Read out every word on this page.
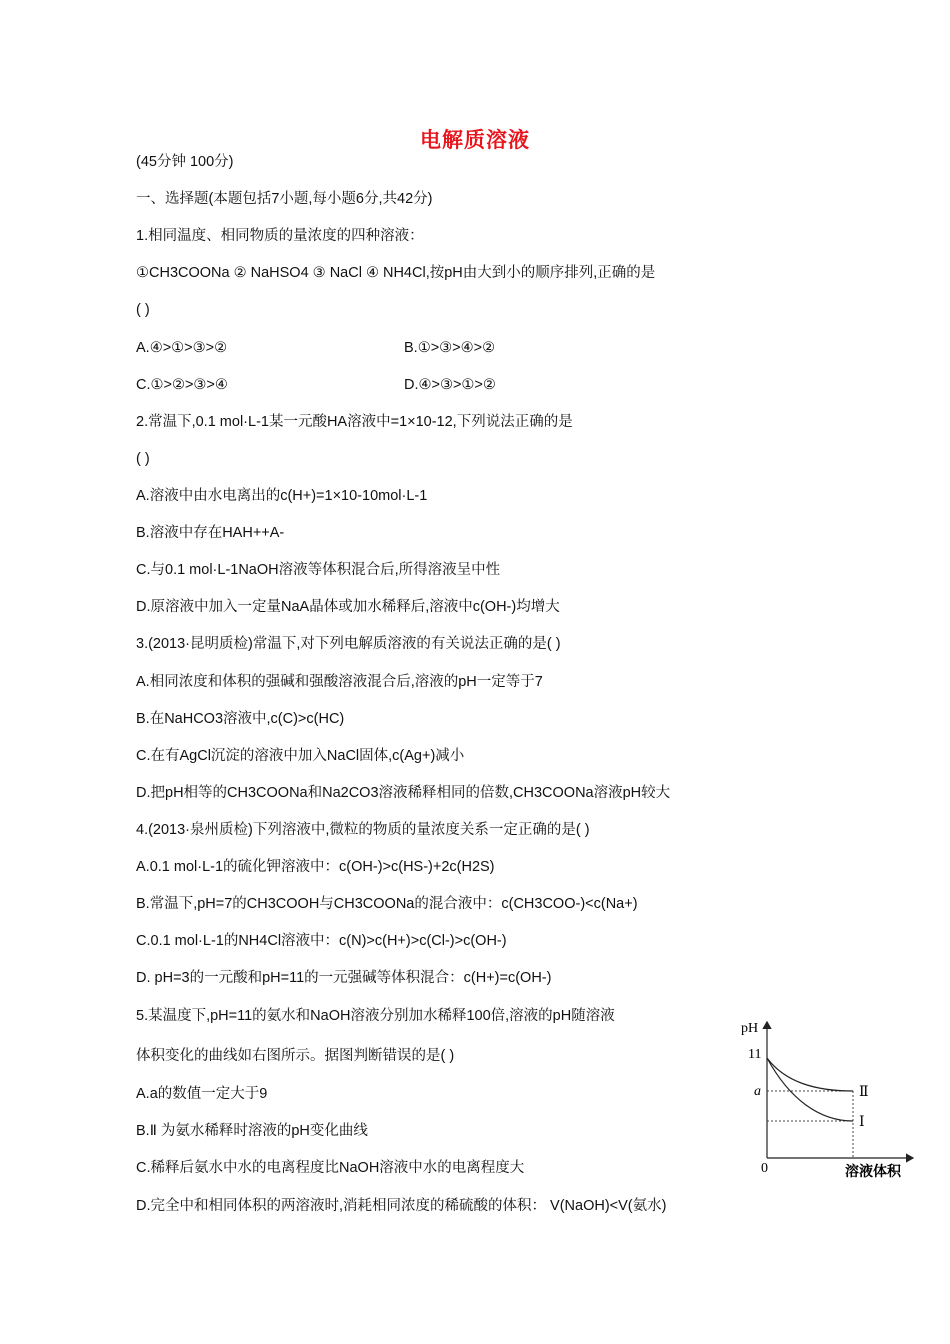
电解质溶液
(45分钟 100分)
一、选择题(本题包括7小题,每小题6分,共42分)
1.相同温度、相同物质的量浓度的四种溶液：
①CH3COONa ② NaHSO4 ③ NaCl ④ NH4Cl,按pH由大到小的顺序排列,正确的是
( )
A.④>①>③>②	B.①>③>④>②
C.①>②>③>④	D.④>③>①>②
2.常温下,0.1 mol·L-1某一元酸HA溶液中=1×10-12,下列说法正确的是
( )
A.溶液中由水电离出的c(H+)=1×10-10mol·L-1
B.溶液中存在HAH++A-
C.与0.1 mol·L-1NaOH溶液等体积混合后,所得溶液呈中性
D.原溶液中加入一定量NaA晶体或加水稀释后,溶液中c(OH-)均增大
3.(2013·昆明质检)常温下,对下列电解质溶液的有关说法正确的是( )
A.相同浓度和体积的强碱和强酸溶液混合后,溶液的pH一定等于7
B.在NaHCO3溶液中,c(C)>c(HC)
C.在有AgCl沉淀的溶液中加入NaCl固体,c(Ag+)减小
D.把pH相等的CH3COONa和Na2CO3溶液稀释相同的倍数,CH3COONa溶液pH较大
4.(2013·泉州质检)下列溶液中,微粒的物质的量浓度关系一定正确的是( )
A.0.1 mol·L-1的硫化钾溶液中：c(OH-)>c(HS-)+2c(H2S)
B.常温下,pH=7的CH3COOH与CH3COONa的混合液中：c(CH3COO-)<c(Na+)
C.0.1 mol·L-1的NH4Cl溶液中：c(N)>c(H+)>c(Cl-)>c(OH-)
D. pH=3的一元酸和pH=11的一元强碱等体积混合：c(H+)=c(OH-)
5.某温度下,pH=11的氨水和NaOH溶液分别加水稀释100倍,溶液的pH随溶液
体积变化的曲线如右图所示。据图判断错误的是( )
A.a的数值一定大于9
B.Ⅱ 为氨水稀释时溶液的pH变化曲线
C.稀释后氨水中水的电离程度比NaOH溶液中水的电离程度大
D.完全中和相同体积的两溶液时,消耗相同浓度的稀硫酸的体积： V(NaOH)<V(氨水)
pH
11
a	Ⅱ
Ⅰ
0	溶液体积
